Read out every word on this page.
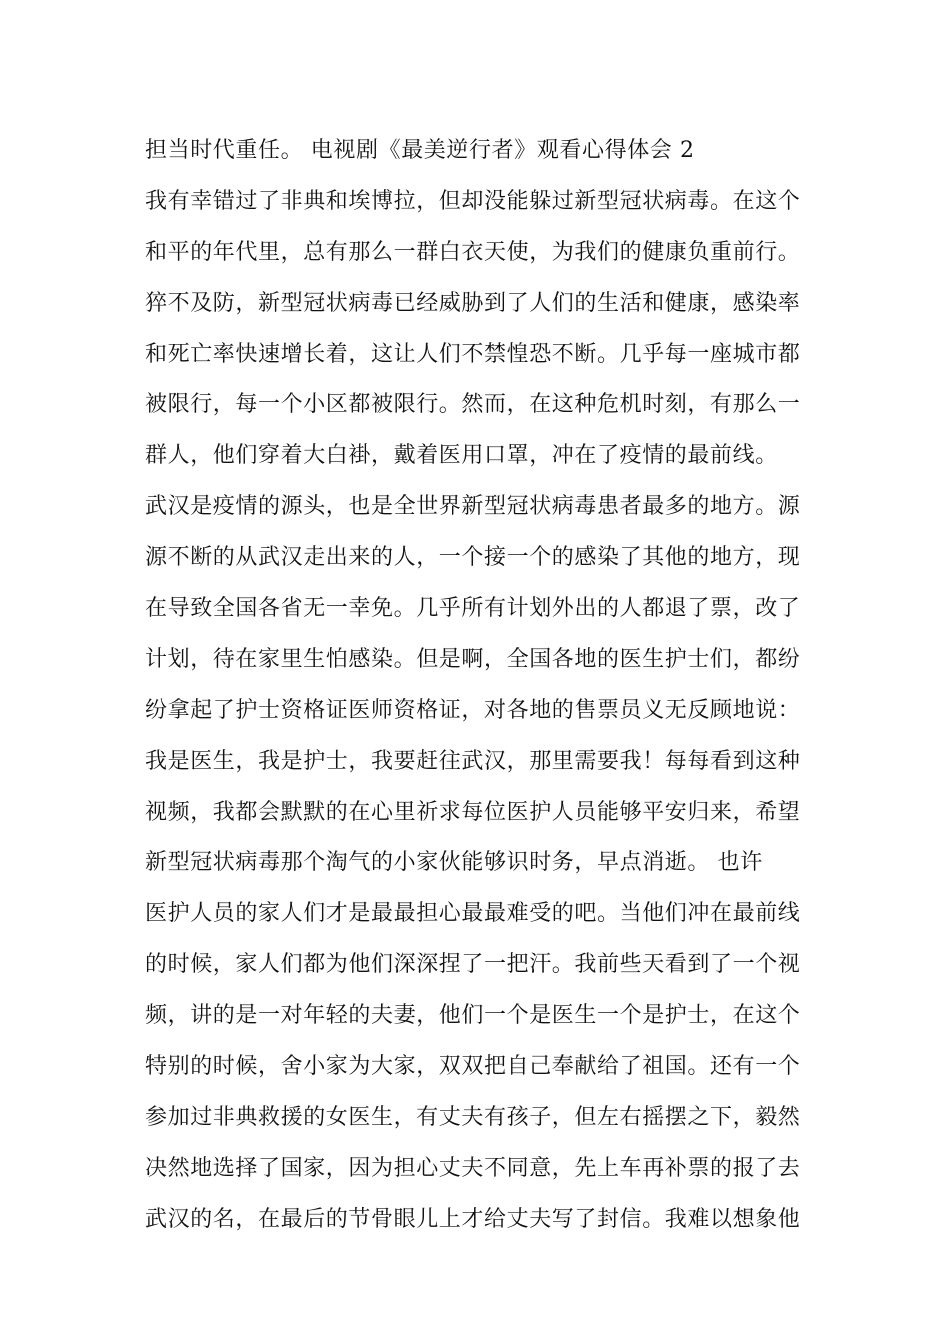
担当时代重任。 电视剧《最美逆行者》观看心得体会 2
我有幸错过了非典和埃博拉，但却没能躲过新型冠状病毒。在这个
和平的年代里，总有那么一群白衣天使，为我们的健康负重前行。
猝不及防，新型冠状病毒已经威胁到了人们的生活和健康，感染率
和死亡率快速增长着，这让人们不禁惶恐不断。几乎每一座城市都
被限行，每一个小区都被限行。然而，在这种危机时刻，有那么一
群人，他们穿着大白褂，戴着医用口罩，冲在了疫情的最前线。
武汉是疫情的源头，也是全世界新型冠状病毒患者最多的地方。源
源不断的从武汉走出来的人，一个接一个的感染了其他的地方，现
在导致全国各省无一幸免。几乎所有计划外出的人都退了票，改了
计划，待在家里生怕感染。但是啊，全国各地的医生护士们，都纷
纷拿起了护士资格证医师资格证，对各地的售票员义无反顾地说：
我是医生，我是护士，我要赶往武汉，那里需要我！每每看到这种
视频，我都会默默的在心里祈求每位医护人员能够平安归来，希望
新型冠状病毒那个淘气的小家伙能够识时务，早点消逝。 也许
医护人员的家人们才是最最担心最最难受的吧。当他们冲在最前线
的时候，家人们都为他们深深捏了一把汗。我前些天看到了一个视
频，讲的是一对年轻的夫妻，他们一个是医生一个是护士，在这个
特别的时候，舍小家为大家，双双把自己奉献给了祖国。还有一个
参加过非典救援的女医生，有丈夫有孩子，但左右摇摆之下，毅然
决然地选择了国家，因为担心丈夫不同意，先上车再补票的报了去
武汉的名，在最后的节骨眼儿上才给丈夫写了封信。我难以想象他
